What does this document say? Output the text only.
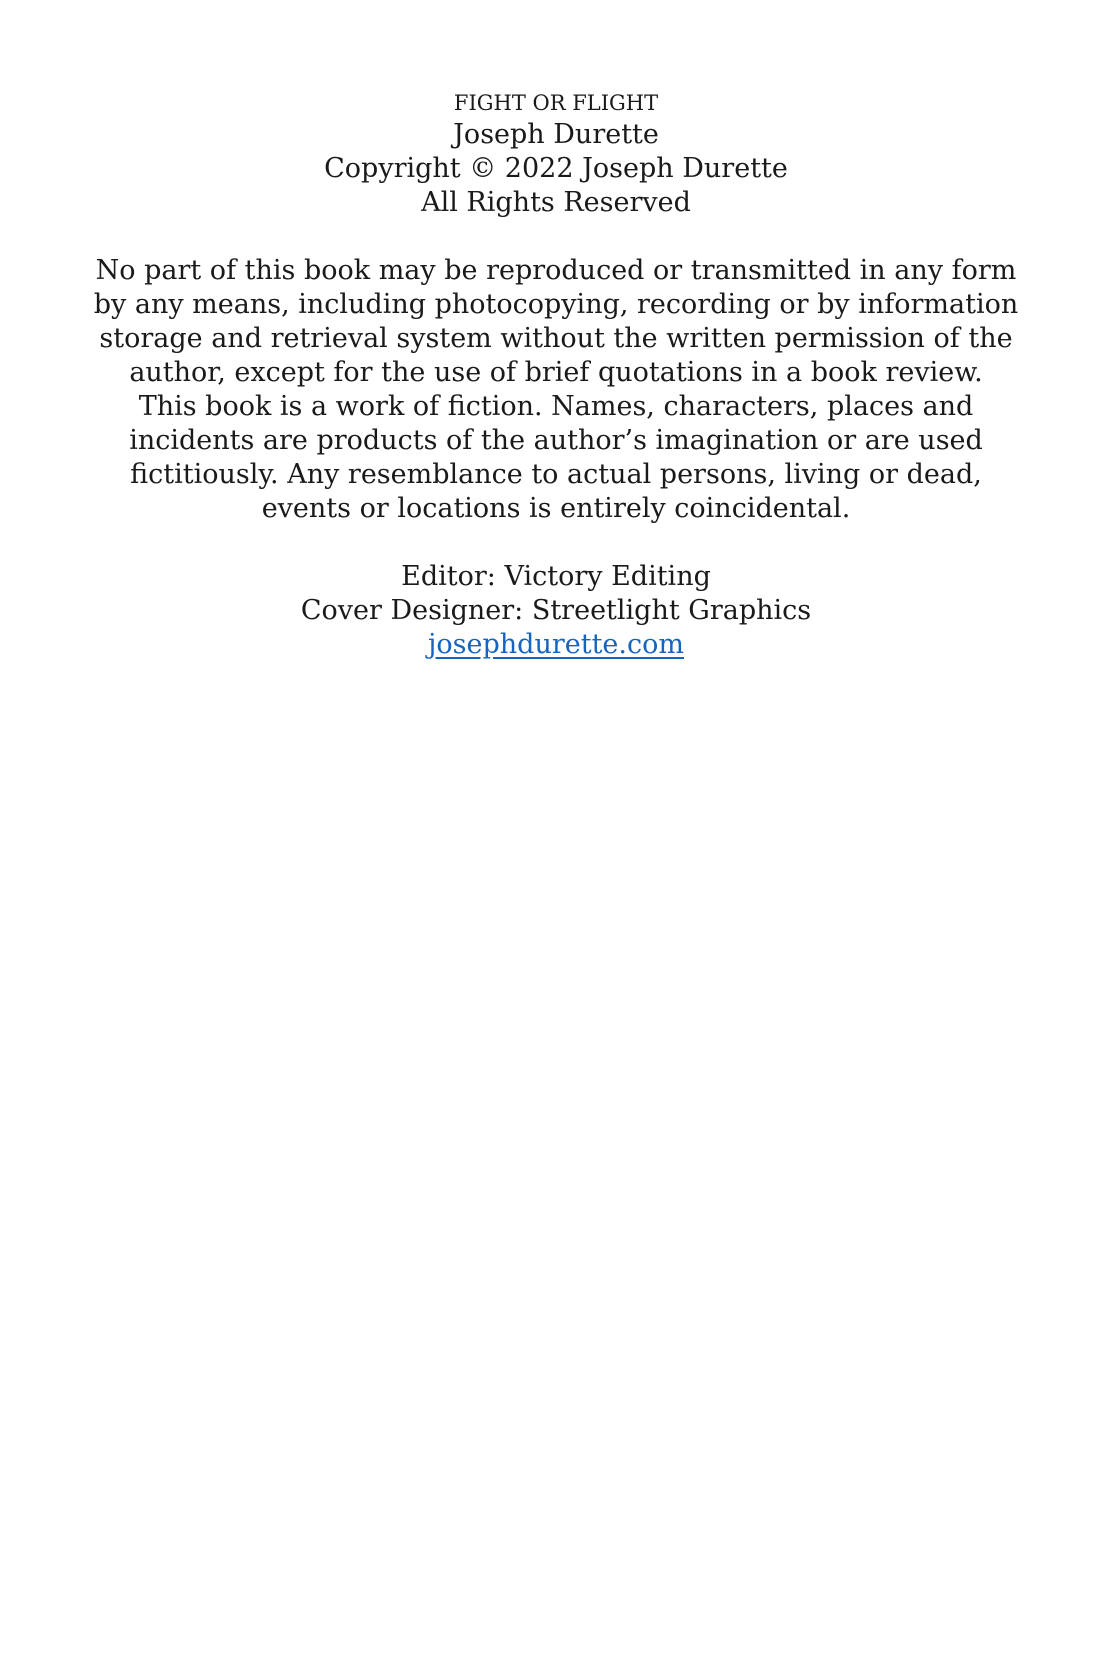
FIGHT OR FLIGHT
Joseph Durette
Copyright © 2022 Joseph Durette
All Rights Reserved

No part of this book may be reproduced or transmitted in any form by any means, including photocopying, recording or by information storage and retrieval system without the written permission of the author, except for the use of brief quotations in a book review.

This book is a work of fiction. Names, characters, places and incidents are products of the author’s imagination or are used fictitiously. Any resemblance to actual persons, living or dead, events or locations is entirely coincidental.

Editor: Victory Editing
Cover Designer: Streetlight Graphics
josephdurette.com
